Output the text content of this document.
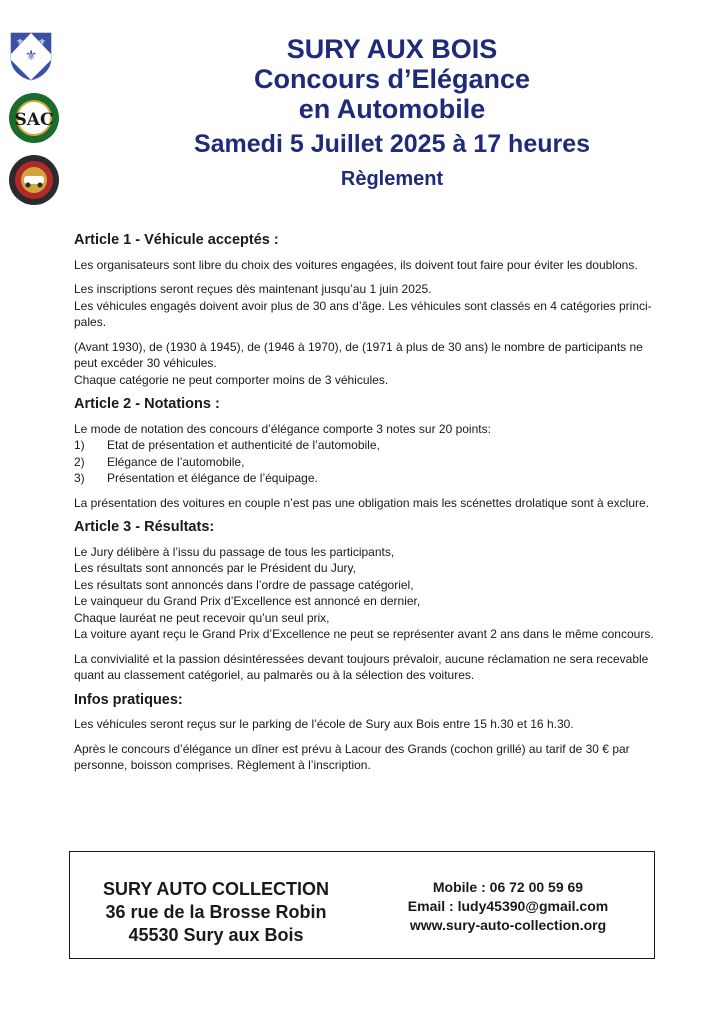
⚜
⚜ ⚜
SAC
SURY AUX BOIS
Concours d’Elégance
en Automobile
Samedi 5 Juillet 2025 à 17 heures
Règlement
Article 1 - Véhicule acceptés :
Les organisateurs sont libre du choix des voitures engagées, ils doivent tout faire pour éviter les doublons.
Les inscriptions seront reçues dès maintenant jusqu’au 1 juin 2025.
Les véhicules engagés doivent avoir plus de 30 ans d’âge. Les véhicules sont classés en 4 catégories princi-
pales.
(Avant 1930), de (1930 à 1945), de (1946 à 1970), de (1971 à plus de 30 ans) le nombre de participants ne
peut excéder 30 véhicules.
Chaque catégorie ne peut comporter moins de 3 véhicules.
Article 2 - Notations :
Le mode de notation des concours d’élégance comporte 3 notes sur 20 points:
1)	Etat de présentation et authenticité de l’automobile,
2)	Elégance de l’automobile,
3)	Présentation et élégance de l’équipage.
La présentation des voitures en couple n’est pas une obligation mais les scénettes drolatique sont à exclure.
Article 3 - Résultats:
Le Jury délibère à l’issu du passage de tous les participants,
Les résultats sont annoncés par le Président du Jury,
Les résultats sont annoncés dans l’ordre de passage catégoriel,
Le vainqueur du Grand Prix d’Excellence est annoncé en dernier,
Chaque lauréat ne peut recevoir qu’un seul prix,
La voiture ayant reçu le Grand Prix d’Excellence ne peut se représenter avant 2 ans dans le même concours.
La convivialité et la passion désintéressées devant toujours prévaloir, aucune réclamation ne sera recevable
quant au classement catégoriel, au palmarès ou à la sélection des voitures.
Infos pratiques:
Les véhicules seront reçus sur le parking de l’école de Sury aux Bois entre 15 h.30 et 16 h.30.
Après le concours d’élégance un dîner est prévu à Lacour des Grands (cochon grillé) au tarif de 30 € par
personne, boisson comprises. Règlement à l’inscription.
SURY AUTO COLLECTION
36 rue de la Brosse Robin
45530 Sury aux Bois
Mobile : 06 72 00 59 69
Email : ludy45390@gmail.com
www.sury-auto-collection.org
